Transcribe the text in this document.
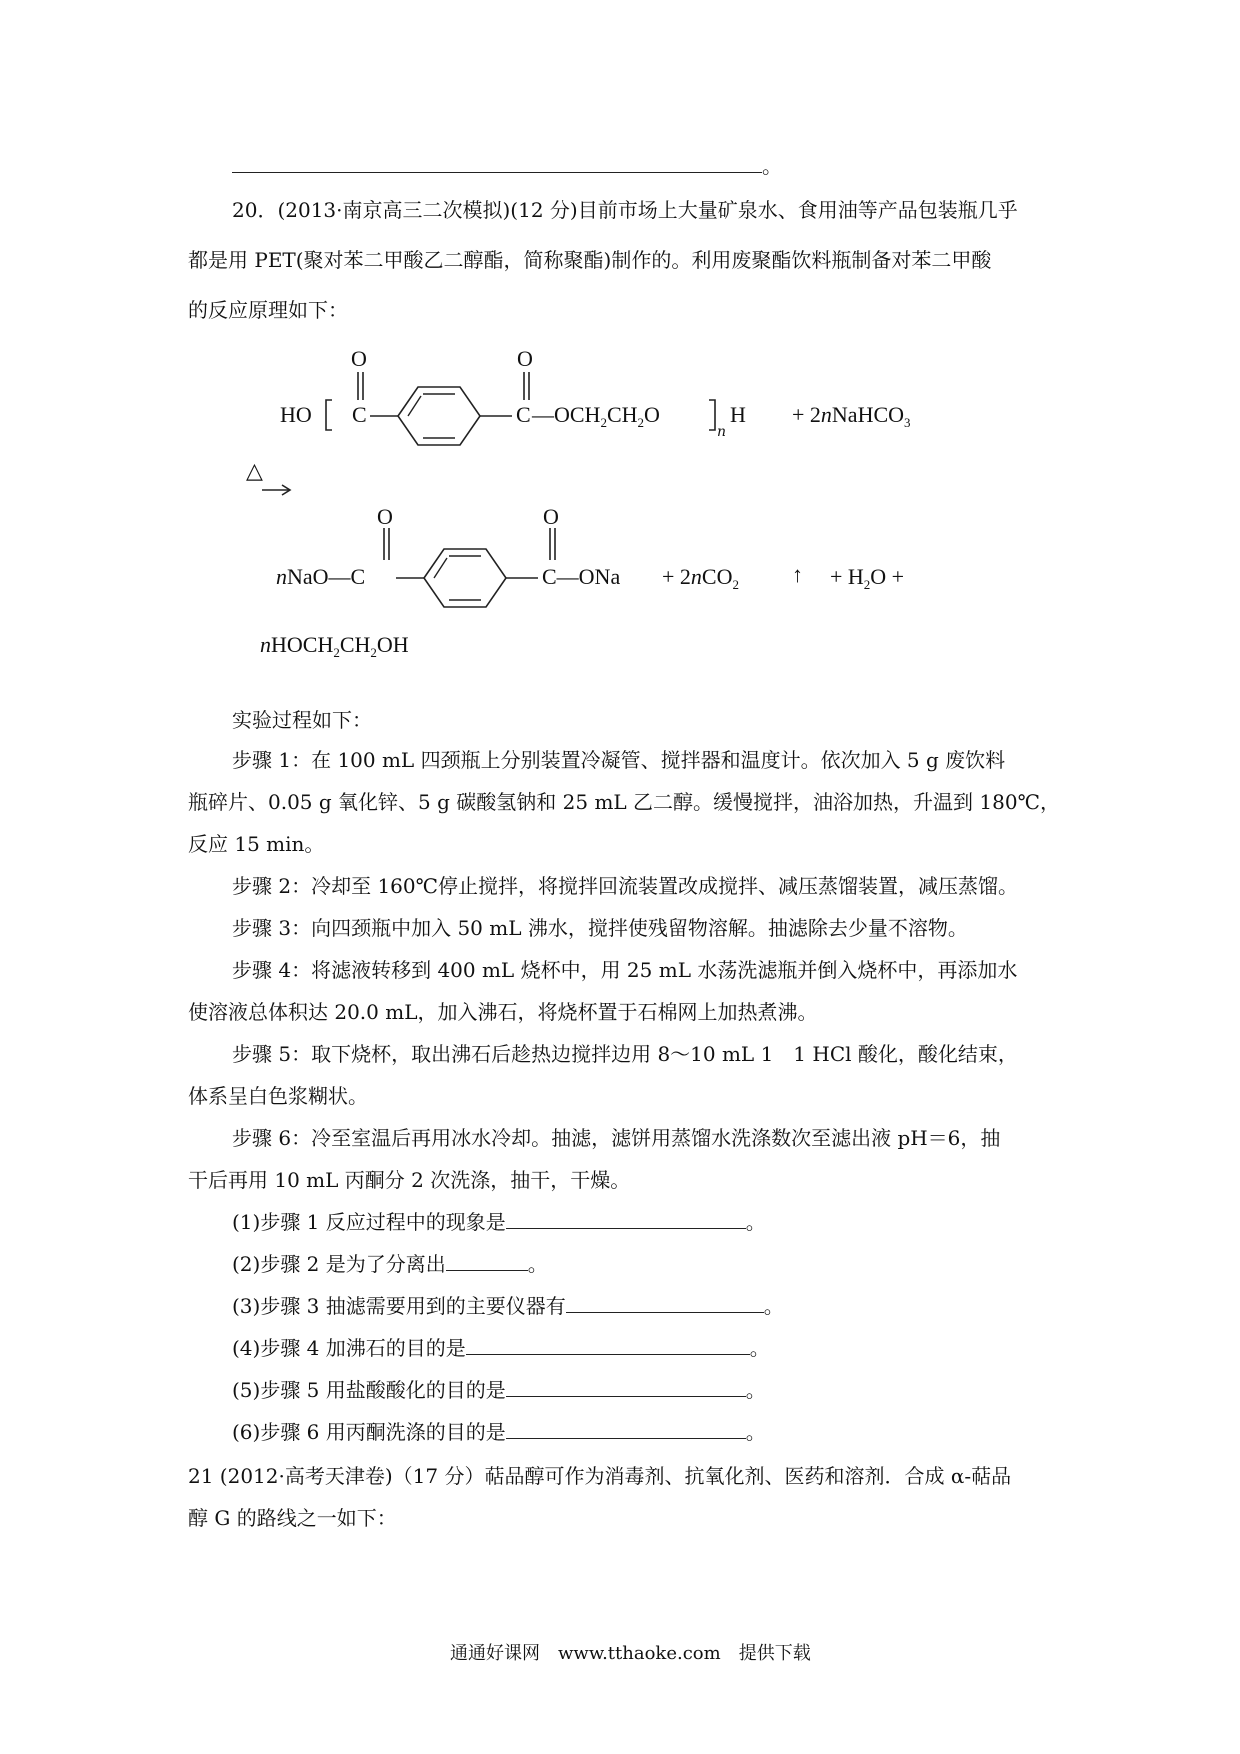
。
20．(2013·南京高三二次模拟)(12 分)目前市场上大量矿泉水、食用油等产品包装瓶几乎
都是用 PET(聚对苯二甲酸乙二醇酯，简称聚酯)制作的。利用废聚酯饮料瓶制备对苯二甲酸
的反应原理如下：
HO
O
C
O
C $—OCH_2CH_2O$
n
H + 2nNaHCO$_3$
△
nNaO—C
O	O
C—ONa + 2nCO$_2$ ↑ + $H_2O$ +
$nHOCH_2CH_2OH$
实验过程如下：
步骤 1：在 100 mL 四颈瓶上分别装置冷凝管、搅拌器和温度计。依次加入 5 g 废饮料
瓶碎片、0.05 g 氧化锌、5 g 碳酸氢钠和 25 mL 乙二醇。缓慢搅拌，油浴加热，升温到 180℃，
反应 15 min。
步骤 2：冷却至 160℃停止搅拌，将搅拌回流装置改成搅拌、减压蒸馏装置，减压蒸馏。
步骤 3：向四颈瓶中加入 50 mL 沸水，搅拌使残留物溶解。抽滤除去少量不溶物。
步骤 4：将滤液转移到 400 mL 烧杯中，用 25 mL 水荡洗滤瓶并倒入烧杯中，再添加水
使溶液总体积达 20.0 mL，加入沸石，将烧杯置于石棉网上加热煮沸。
步骤 5：取下烧杯，取出沸石后趁热边搅拌边用 8～10 mL 1　1 HCl 酸化，酸化结束，
体系呈白色浆糊状。
步骤 6：冷至室温后再用冰水冷却。抽滤，滤饼用蒸馏水洗涤数次至滤出液 pH＝6，抽
干后再用 10 mL 丙酮分 2 次洗涤，抽干，干燥。
(1)步骤 1 反应过程中的现象是	。
(2)步骤 2 是为了分离出	。
(3)步骤 3 抽滤需要用到的主要仪器有	。
(4)步骤 4 加沸石的目的是	。
(5)步骤 5 用盐酸酸化的目的是	。
(6)步骤 6 用丙酮洗涤的目的是	。
21 (2012·高考天津卷)（17 分）萜品醇可作为消毒剂、抗氧化剂、医药和溶剂．合成 α-萜品
醇 G 的路线之一如下：
通通好课网　www.tthaoke.com　提供下载
